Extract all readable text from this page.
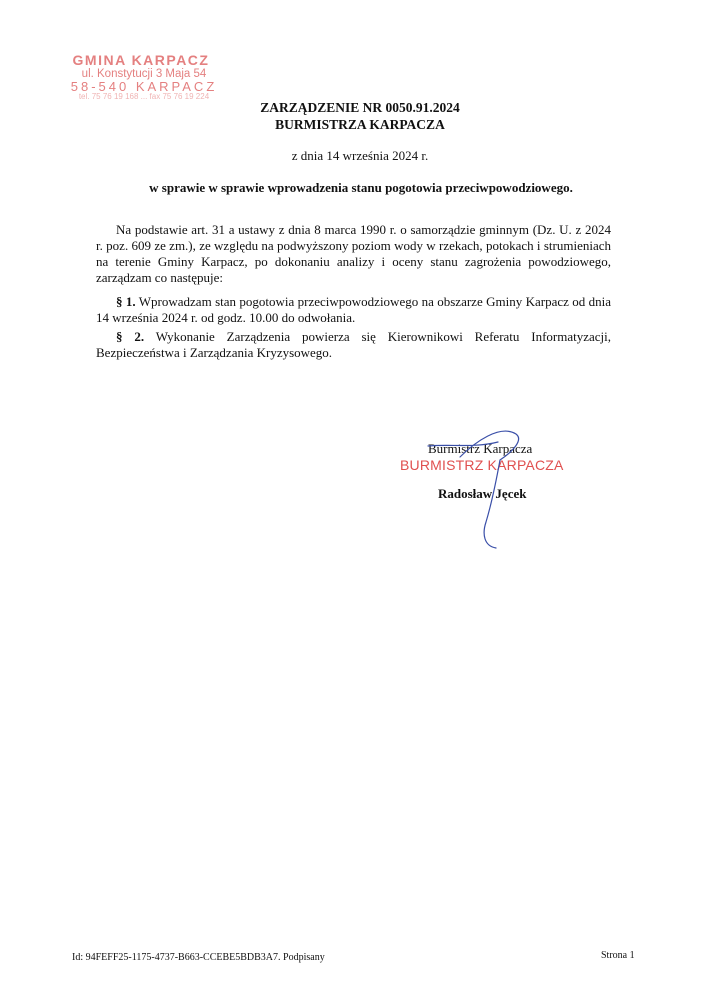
GMINA KARPACZ
ul. Konstytucji 3 Maja 54
58-540 KARPACZ
tel. 75 76 19 168 ... fax 75 76 19 224
ZARZĄDZENIE NR 0050.91.2024
BURMISTRZA KARPACZA
z dnia 14 września 2024 r.
w sprawie w sprawie wprowadzenia stanu pogotowia przeciwpowodziowego.
Na podstawie art. 31 a ustawy z dnia 8 marca 1990 r. o samorządzie gminnym (Dz. U. z 2024 r. poz. 609 ze zm.), ze względu na podwyższony poziom wody w rzekach, potokach i strumieniach na terenie Gminy Karpacz, po dokonaniu analizy i oceny stanu zagrożenia powodziowego, zarządzam co następuje:
§ 1. Wprowadzam stan pogotowia przeciwpowodziowego na obszarze Gminy Karpacz od dnia 14 września 2024 r. od godz. 10.00 do odwołania.
§ 2. Wykonanie Zarządzenia powierza się Kierownikowi Referatu Informatyzacji, Bezpieczeństwa i Zarządzania Kryzysowego.
Burmistrz Karpacza
BURMISTRZ KARPACZA
Radosław Jęcek
Id: 94FEFF25-1175-4737-B663-CCEBE5BDB3A7. Podpisany	Strona 1
